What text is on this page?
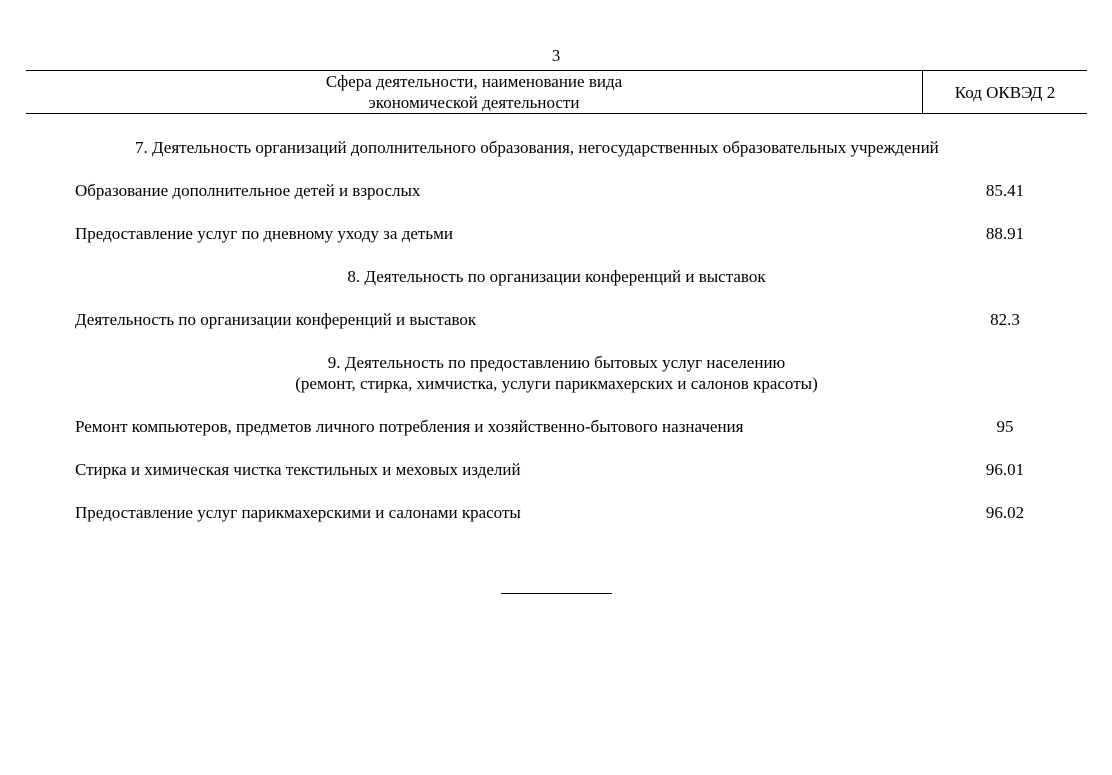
3
Сфера деятельности, наименование вида
экономической деятельности
Код ОКВЭД 2
7. Деятельность организаций дополнительного образования, негосударственных образовательных учреждений
Образование дополнительное детей и взрослых	85.41
Предоставление услуг по дневному уходу за детьми	88.91
8. Деятельность по организации конференций и выставок
Деятельность по организации конференций и выставок	82.3
9. Деятельность по предоставлению бытовых услуг населению
(ремонт, стирка, химчистка, услуги парикмахерских и салонов красоты)
Ремонт компьютеров, предметов личного потребления и хозяйственно-бытового назначения	95
Стирка и химическая чистка текстильных и меховых изделий	96.01
Предоставление услуг парикмахерскими и салонами красоты	96.02
